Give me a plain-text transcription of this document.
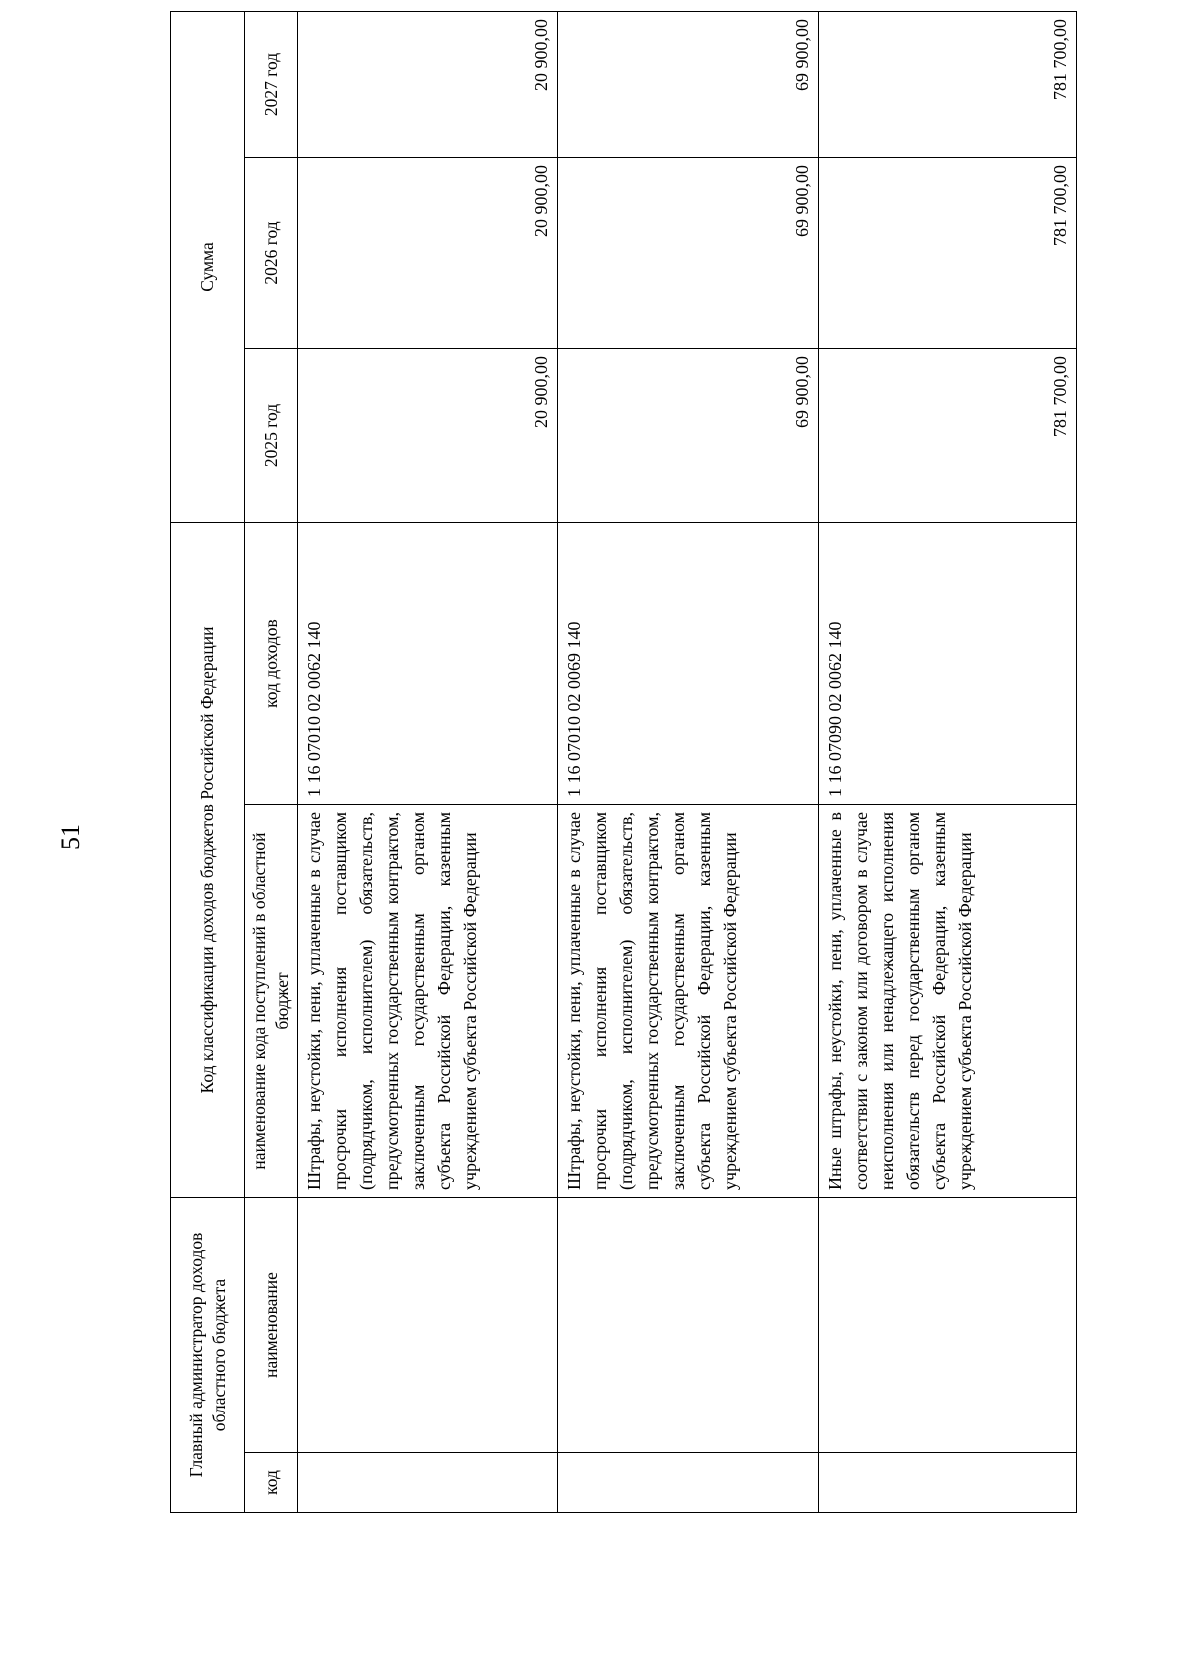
51
Главный администратор доходов областного бюджета		Код классификации доходов бюджетов Российской Федерации		Сумма		
код	наименование	наименование кода поступлений в областной бюджет	код доходов	2025 год	2026 год	2027 год
		Штрафы, неустойки, пени, уплаченные в случае просрочки исполнения поставщиком (подрядчиком, исполнителем) обязательств, предусмотренных государственным контрактом, заключенным государственным органом субъекта Российской Федерации, казенным учреждением субъекта Российской Федерации	1 16 07010 02 0062 140	20 900,00	20 900,00	20 900,00
		Штрафы, неустойки, пени, уплаченные в случае просрочки исполнения поставщиком (подрядчиком, исполнителем) обязательств, предусмотренных государственным контрактом, заключенным государственным органом субъекта Российской Федерации, казенным учреждением субъекта Российской Федерации	1 16 07010 02 0069 140	69 900,00	69 900,00	69 900,00
		Иные штрафы, неустойки, пени, уплаченные в соответствии с законом или договором в случае неисполнения или ненадлежащего исполнения обязательств перед государственным органом субъекта Российской Федерации, казенным учреждением субъекта Российской Федерации	1 16 07090 02 0062 140	781 700,00	781 700,00	781 700,00
